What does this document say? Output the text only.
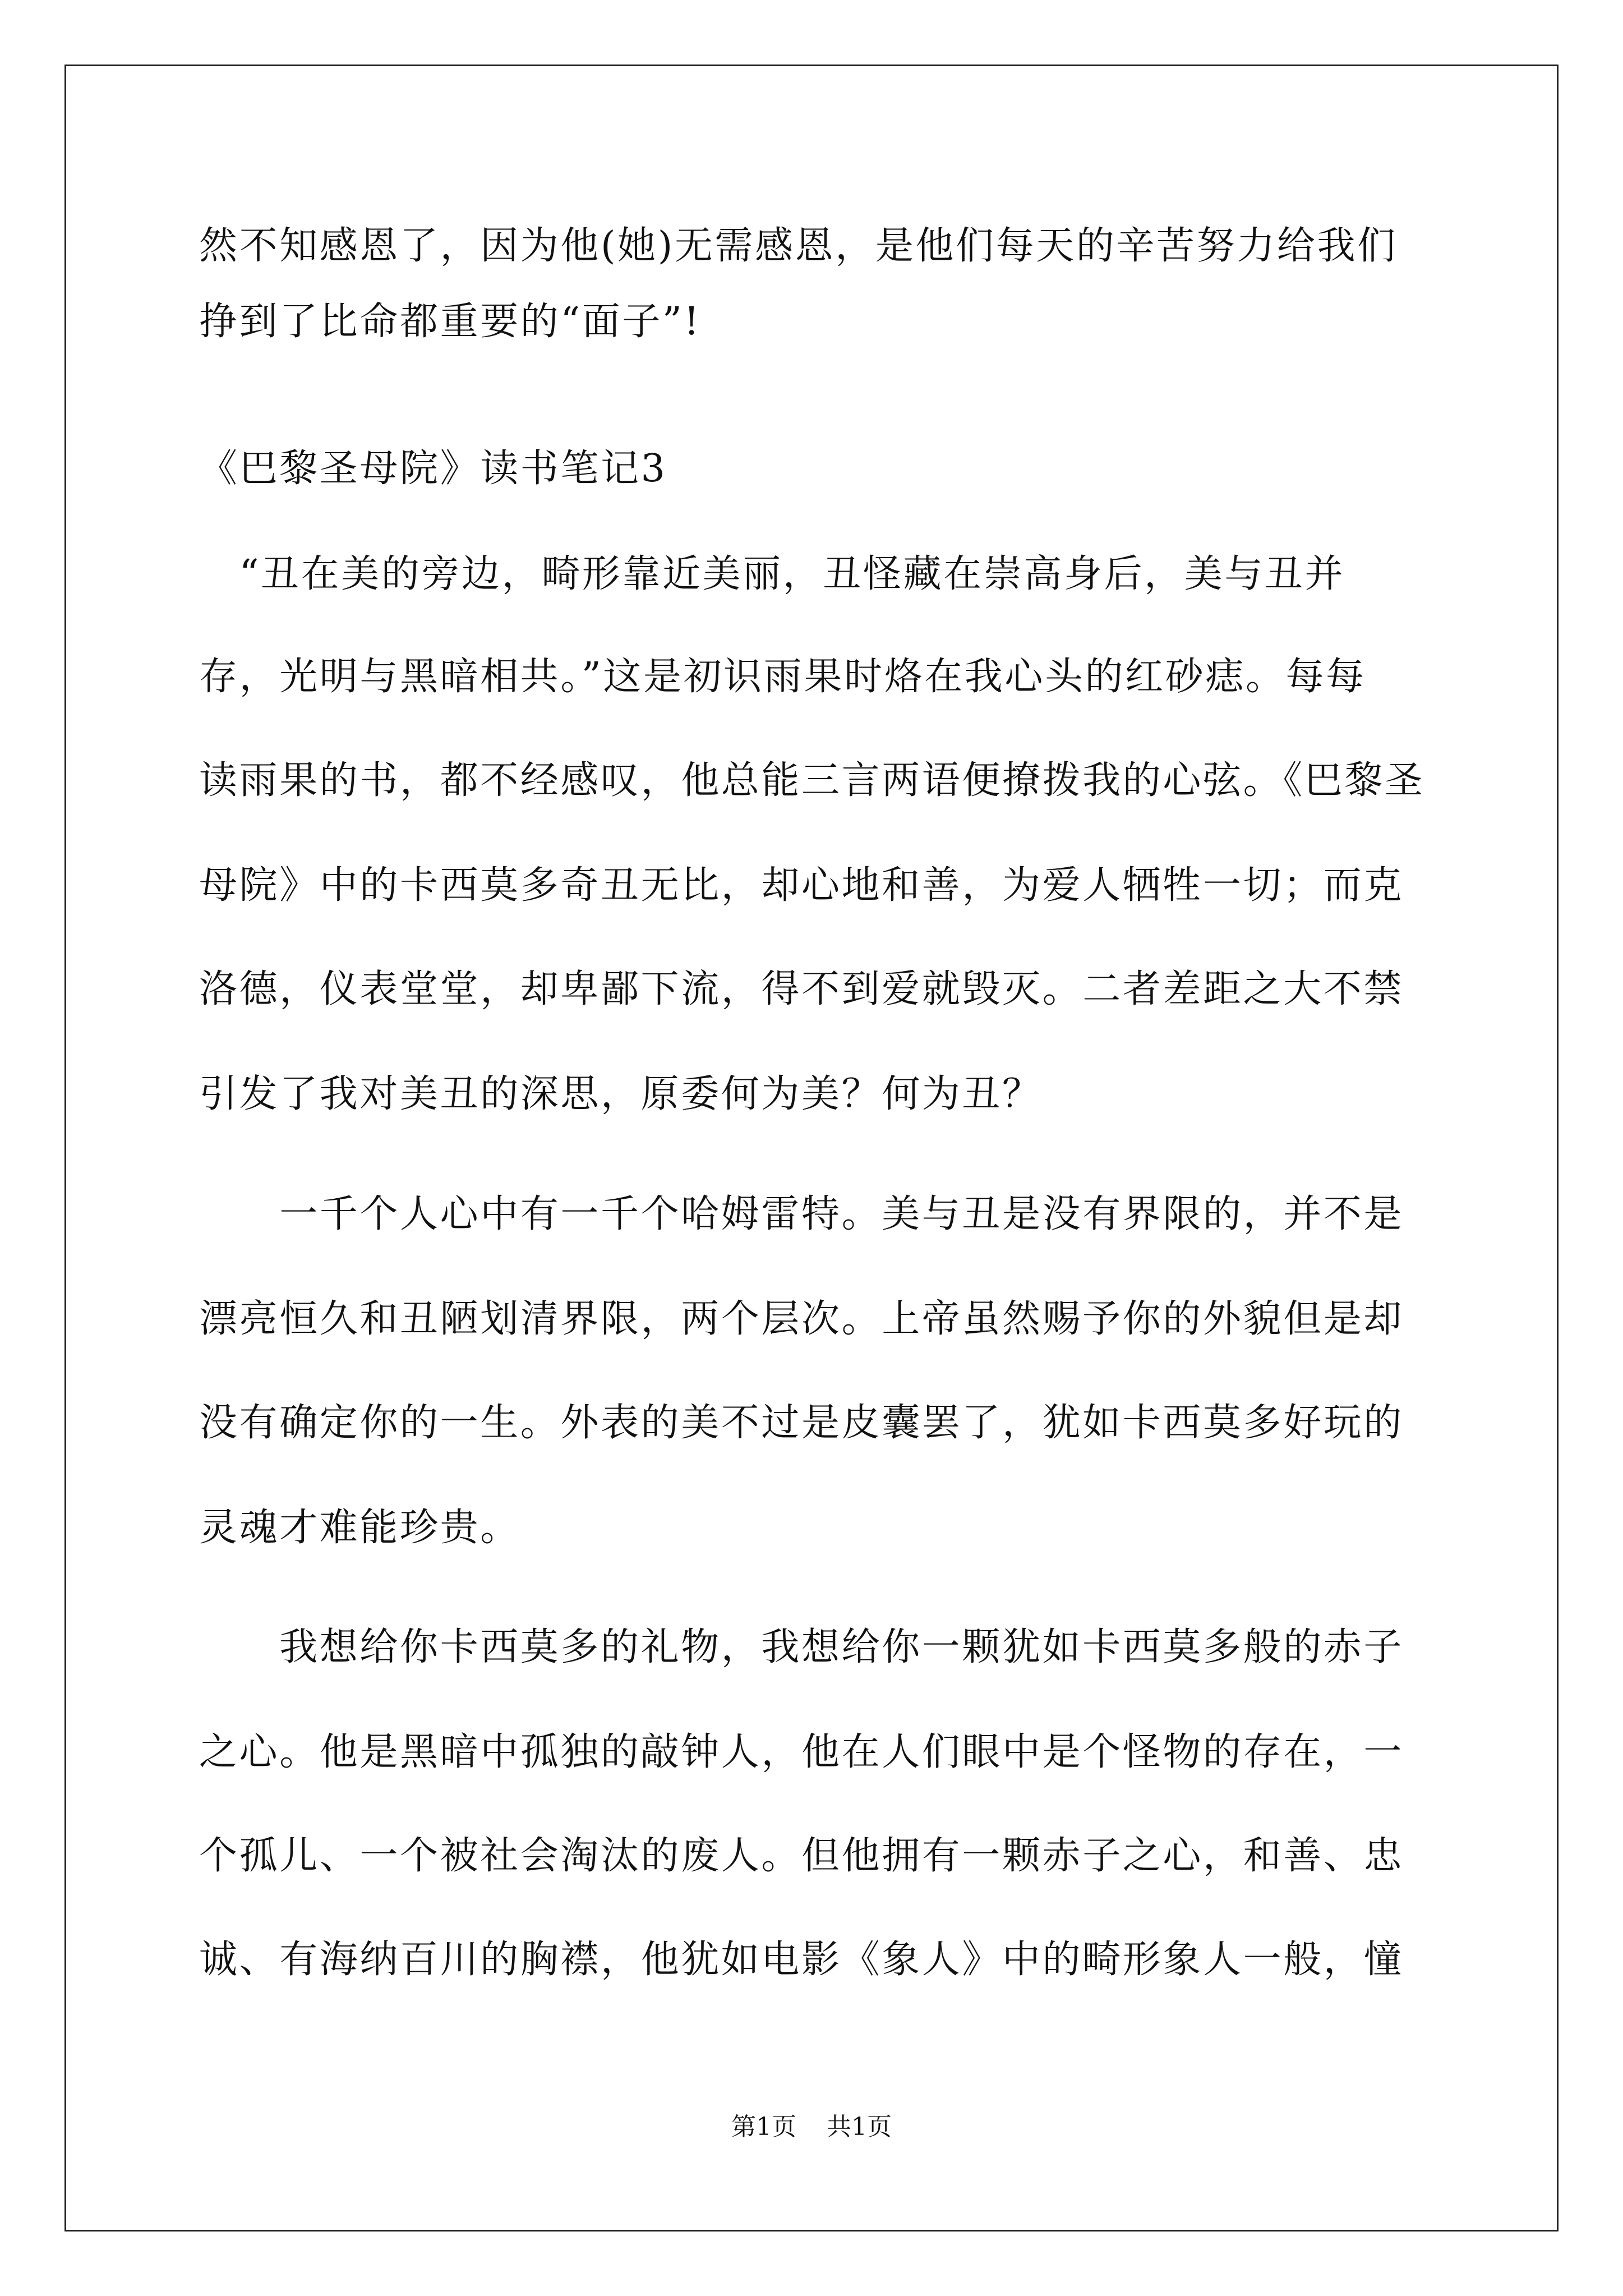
然不知感恩了，因为他(她)无需感恩，是他们每天的辛苦努力给我们
挣到了比命都重要的“面子”!
《巴黎圣母院》读书笔记3
　“丑在美的旁边，畸形靠近美丽，丑怪藏在崇高身后，美与丑并
存，光明与黑暗相共。”这是初识雨果时烙在我心头的红砂痣。每每
读雨果的书，都不经感叹，他总能三言两语便撩拨我的心弦。《巴黎圣
母院》中的卡西莫多奇丑无比，却心地和善，为爱人牺牲一切；而克
洛德，仪表堂堂，却卑鄙下流，得不到爱就毁灭。二者差距之大不禁
引发了我对美丑的深思，原委何为美？何为丑？
　　一千个人心中有一千个哈姆雷特。美与丑是没有界限的，并不是
漂亮恒久和丑陋划清界限，两个层次。上帝虽然赐予你的外貌但是却
没有确定你的一生。外表的美不过是皮囊罢了，犹如卡西莫多好玩的
灵魂才难能珍贵。
　　我想给你卡西莫多的礼物，我想给你一颗犹如卡西莫多般的赤子
之心。他是黑暗中孤独的敲钟人，他在人们眼中是个怪物的存在，一
个孤儿、一个被社会淘汰的废人。但他拥有一颗赤子之心，和善、忠
诚、有海纳百川的胸襟，他犹如电影《象人》中的畸形象人一般，憧
第1页 共1页
